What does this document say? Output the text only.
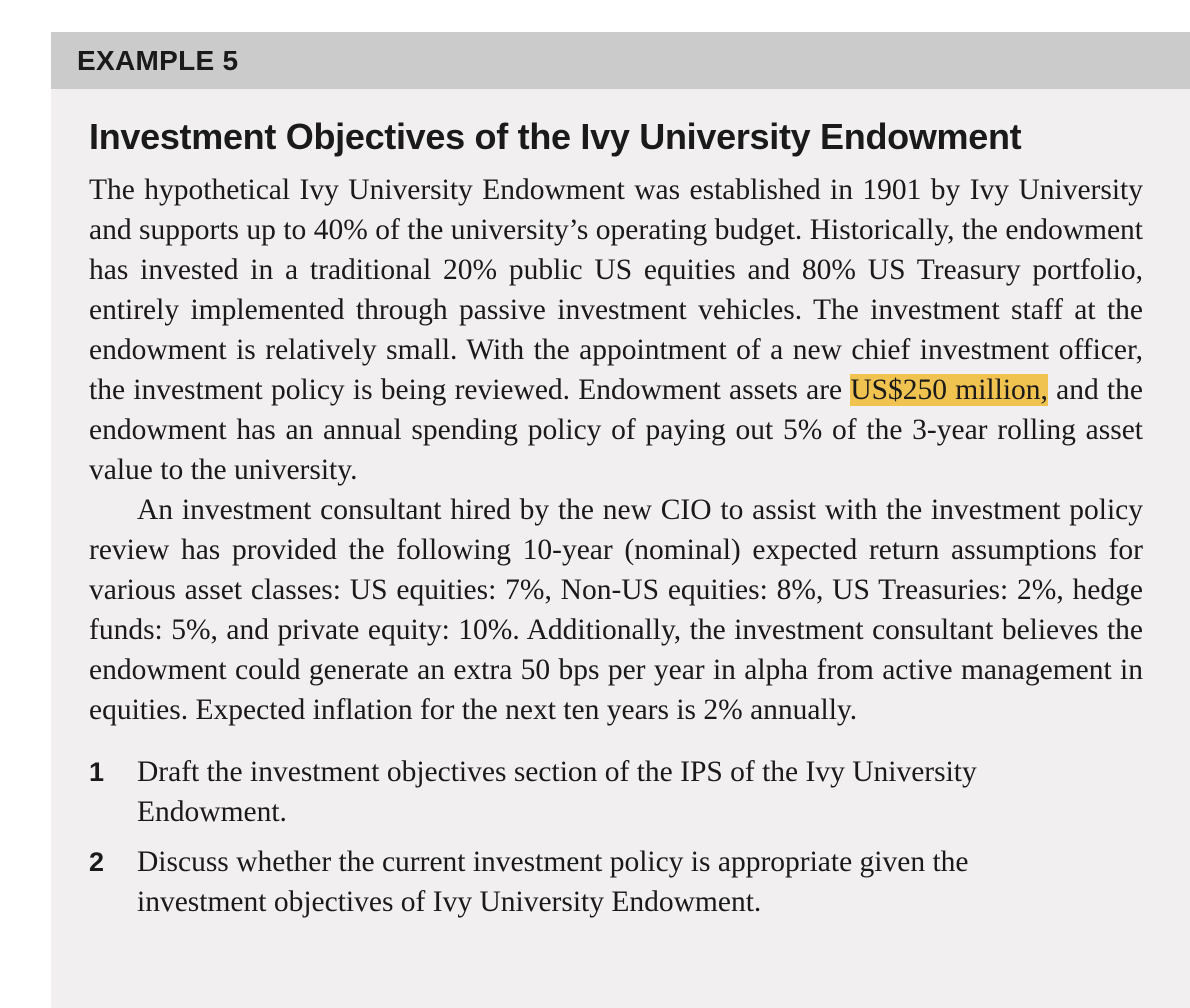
EXAMPLE 5
Investment Objectives of the Ivy University Endowment

The hypothetical Ivy University Endowment was established in 1901 by Ivy University and supports up to 40% of the university’s operating budget. Historically, the endowment has invested in a traditional 20% public US equities and 80% US Treasury portfolio, entirely implemented through passive investment vehicles. The investment staff at the endowment is relatively small. With the appointment of a new chief investment officer, the investment policy is being reviewed. Endowment assets are US$250 million, and the endowment has an annual spending policy of paying out 5% of the 3-year rolling asset value to the university.

An investment consultant hired by the new CIO to assist with the investment policy review has provided the following 10-year (nominal) expected return assumptions for various asset classes: US equities: 7%, Non-US equities: 8%, US Treasuries: 2%, hedge funds: 5%, and private equity: 10%. Additionally, the investment consultant believes the endowment could generate an extra 50 bps per year in alpha from active management in equities. Expected inflation for the next ten years is 2% annually.

1	Draft the investment objectives section of the IPS of the Ivy University Endowment.
2	Discuss whether the current investment policy is appropriate given the investment objectives of Ivy University Endowment.
